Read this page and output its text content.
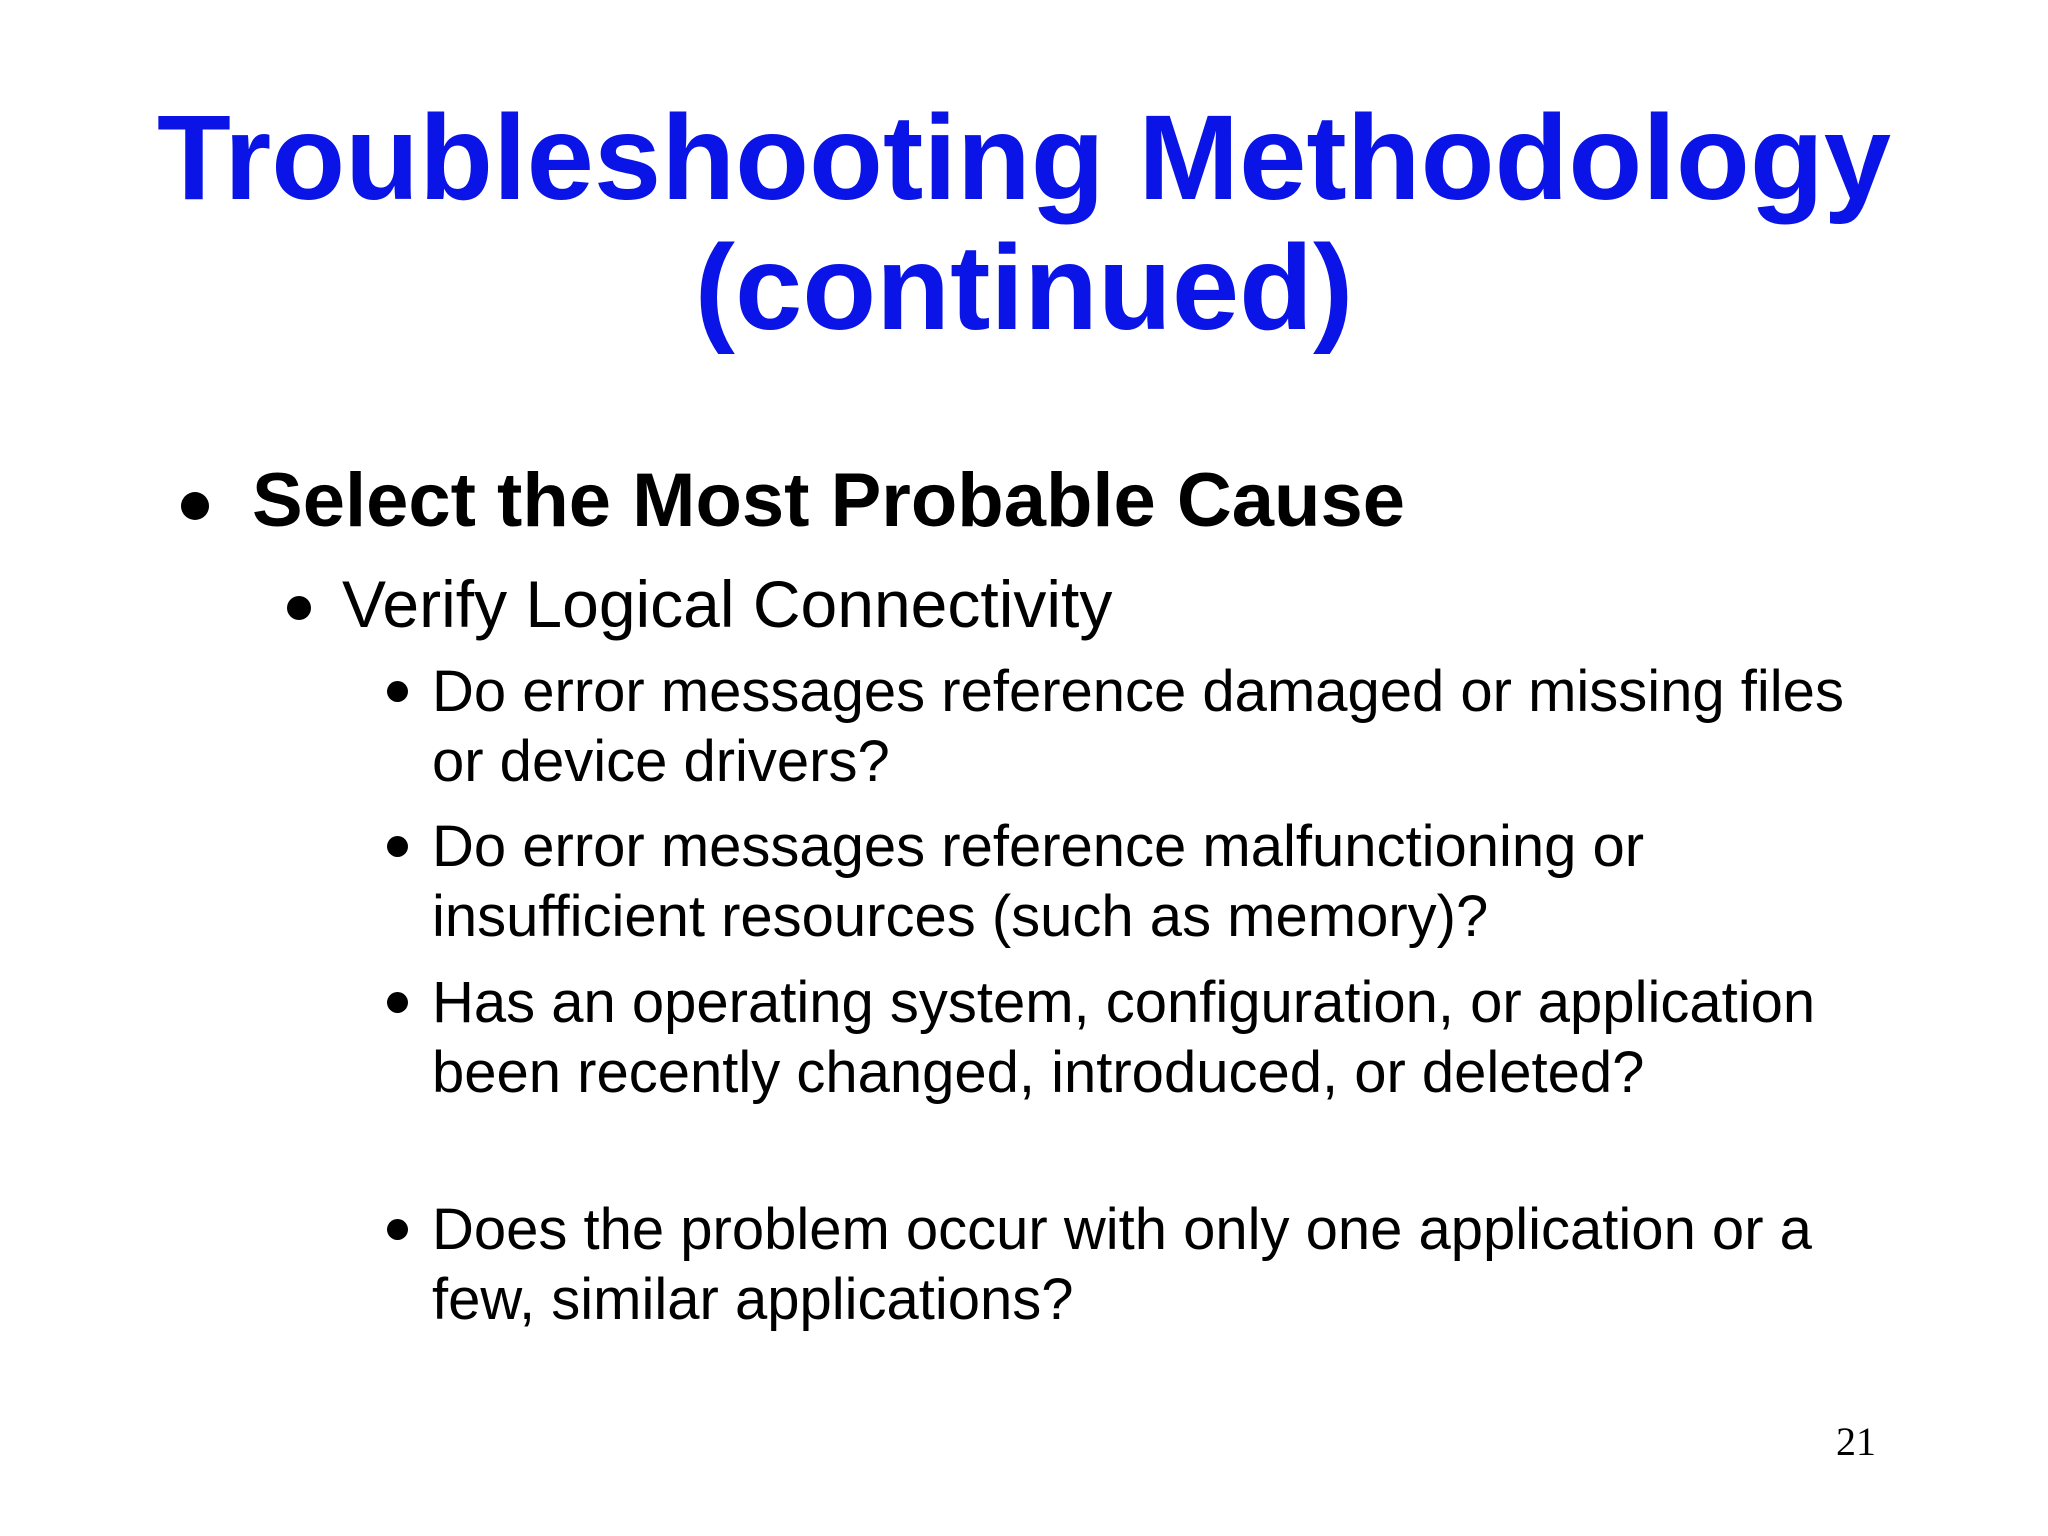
Troubleshooting Methodology
(continued)
Select the Most Probable Cause
Verify Logical Connectivity
Do error messages reference damaged or missing files or device drivers?
Do error messages reference malfunctioning or insufficient resources (such as memory)?
Has an operating system, configuration, or application been recently changed, introduced, or deleted?
Does the problem occur with only one application or a few, similar applications?
21
